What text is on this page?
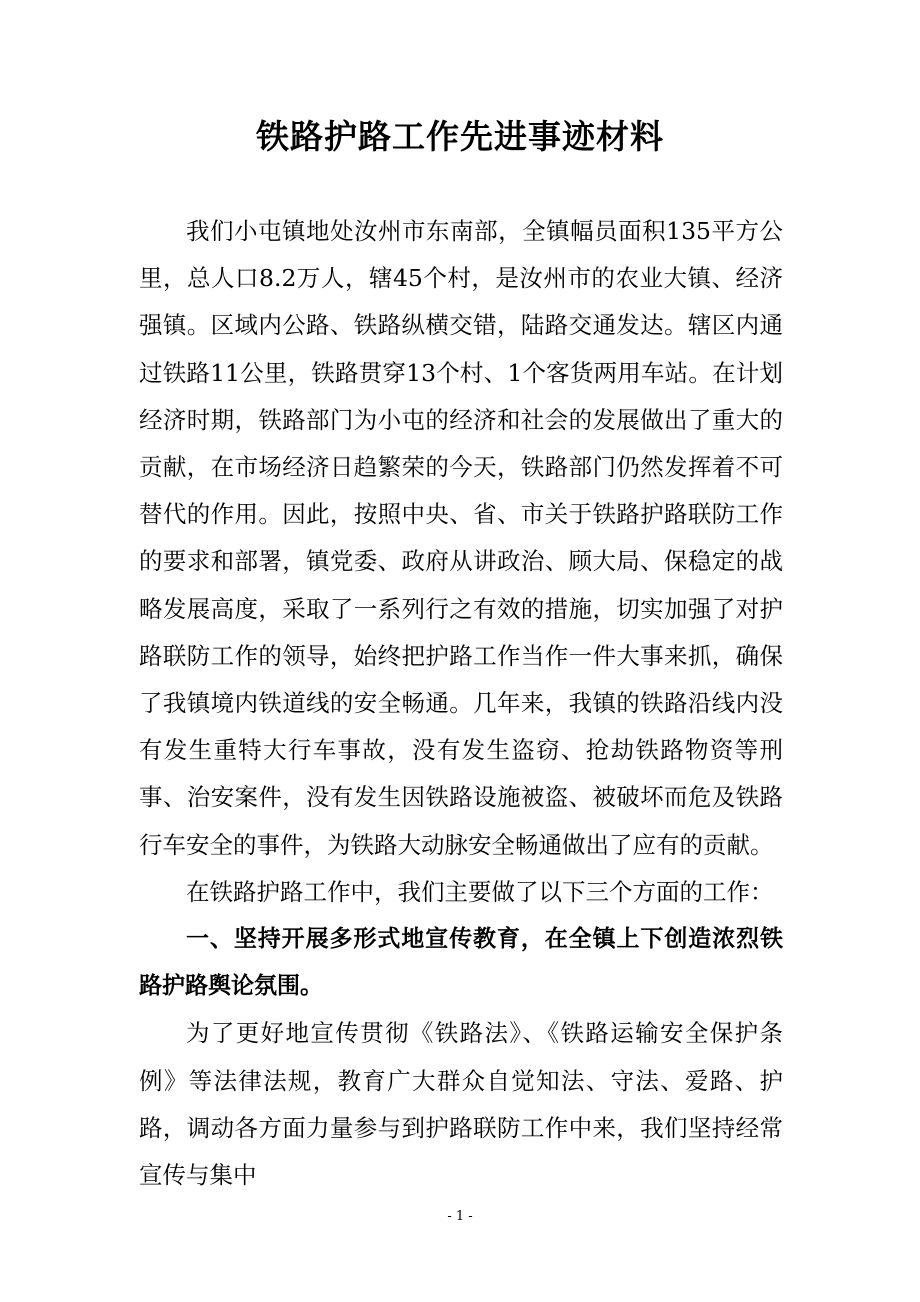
铁路护路工作先进事迹材料

我们小屯镇地处汝州市东南部，全镇幅员面积135平方公里，总人口8.2万人，辖45个村，是汝州市的农业大镇、经济强镇。区域内公路、铁路纵横交错，陆路交通发达。辖区内通过铁路11公里，铁路贯穿13个村、1个客货两用车站。在计划经济时期，铁路部门为小屯的经济和社会的发展做出了重大的贡献，在市场经济日趋繁荣的今天，铁路部门仍然发挥着不可替代的作用。因此，按照中央、省、市关于铁路护路联防工作的要求和部署，镇党委、政府从讲政治、顾大局、保稳定的战略发展高度，采取了一系列行之有效的措施，切实加强了对护路联防工作的领导，始终把护路工作当作一件大事来抓，确保了我镇境内铁道线的安全畅通。几年来，我镇的铁路沿线内没有发生重特大行车事故，没有发生盗窃、抢劫铁路物资等刑事、治安案件，没有发生因铁路设施被盗、被破坏而危及铁路行车安全的事件，为铁路大动脉安全畅通做出了应有的贡献。

在铁路护路工作中，我们主要做了以下三个方面的工作：

一、坚持开展多形式地宣传教育，在全镇上下创造浓烈铁路护路舆论氛围。

为了更好地宣传贯彻《铁路法》、《铁路运输安全保护条例》等法律法规，教育广大群众自觉知法、守法、爱路、护路，调动各方面力量参与到护路联防工作中来，我们坚持经常宣传与集中

- 1 -
